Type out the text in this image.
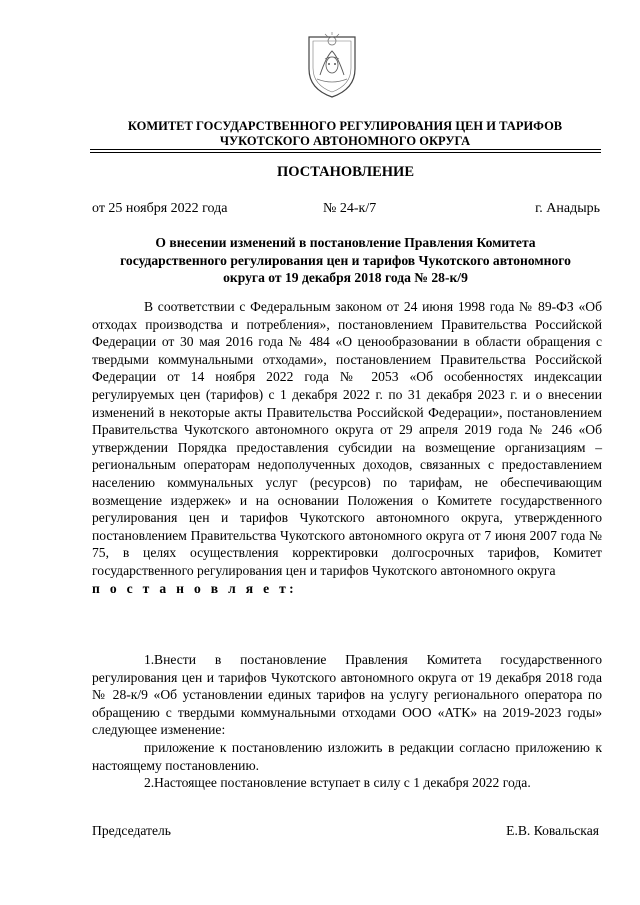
КОМИТЕТ ГОСУДАРСТВЕННОГО РЕГУЛИРОВАНИЯ ЦЕН И ТАРИФОВ
ЧУКОТСКОГО АВТОНОМНОГО ОКРУГА
ПОСТАНОВЛЕНИЕ
от 25 ноября 2022 года	№ 24-к/7	г. Анадырь
О внесении изменений в постановление Правления Комитета
государственного регулирования цен и тарифов Чукотского автономного
округа от 19 декабря 2018 года № 28-к/9

В соответствии с Федеральным законом от 24 июня 1998 года № 89-ФЗ «Об отходах производства и потребления», постановлением Правительства Российской Федерации от 30 мая 2016 года № 484 «О ценообразовании в области обращения с твердыми коммунальными отходами», постановлением Правительства Российской Федерации от 14 ноября 2022 года № 2053 «Об особенностях индексации регулируемых цен (тарифов) с 1 декабря 2022 г. по 31 декабря 2023 г. и о внесении изменений в некоторые акты Правительства Российской Федерации», постановлением Правительства Чукотского автономного округа от 29 апреля 2019 года № 246 «Об утверждении Порядка предоставления субсидии на возмещение организациям – региональным операторам недополученных доходов, связанных с предоставлением населению коммунальных услуг (ресурсов) по тарифам, не обеспечивающим возмещение издержек» и на основании Положения о Комитете государственного регулирования цен и тарифов Чукотского автономного округа, утвержденного постановлением Правительства Чукотского автономного округа от 7 июня 2007 года № 75, в целях осуществления корректировки долгосрочных тарифов, Комитет государственного регулирования цен и тарифов Чукотского автономного округа

п о с т а н о в л я е т:

1.Внести в постановление Правления Комитета государственного регулирования цен и тарифов Чукотского автономного округа от 19 декабря 2018 года № 28-к/9 «Об установлении единых тарифов на услугу регионального оператора по обращению с твердыми коммунальными отходами ООО «АТК» на 2019-2023 годы» следующее изменение:

приложение к постановлению изложить в редакции согласно приложению к настоящему постановлению.

2.Настоящее постановление вступает в силу с 1 декабря 2022 года.

Председатель	Е.В. Ковальская
